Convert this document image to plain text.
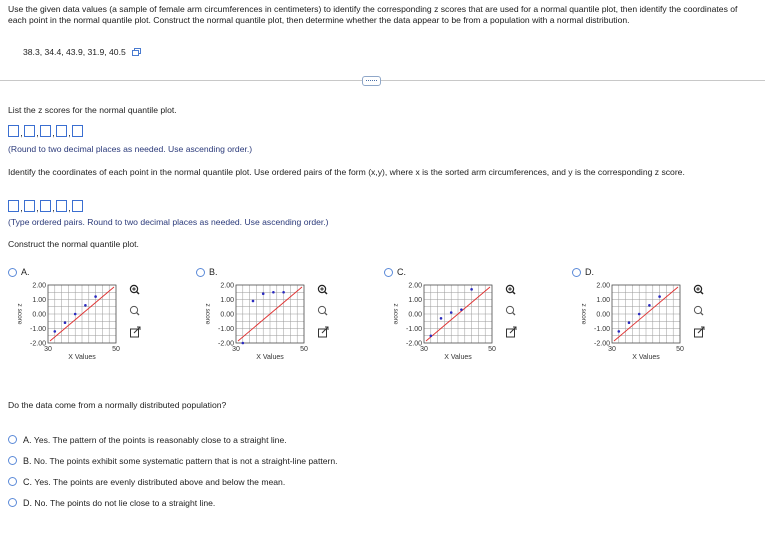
Use the given data values (a sample of female arm circumferences in centimeters) to identify the corresponding z scores that are used for a normal quantile plot, then identify the coordinates of each point in the normal quantile plot. Construct the normal quantile plot, then determine whether the data appear to be from a population with a normal distribution.
38.3, 34.4, 43.9, 31.9, 40.5
List the z scores for the normal quantile plot.
, , , ,
(Round to two decimal places as needed. Use ascending order.)
Identify the coordinates of each point in the normal quantile plot. Use ordered pairs of the form (x,y), where x is the sorted arm circumferences, and y is the corresponding z score.
, , , ,
(Type ordered pairs. Round to two decimal places as needed. Use ascending order.)
Construct the normal quantile plot.
A.
2.00
1.00
0.00
-1.00
-2.00
30	50
z score
X Values
B.
2.00
1.00
0.00
-1.00
-2.00
30	50
z score
X Values
C.
2.00
1.00
0.00
-1.00
-2.00
30	50
z score
X Values
D.
2.00
1.00
0.00
-1.00
-2.00
30	50
z score
X Values
Do the data come from a normally distributed population?
A.
Yes. The pattern of the points is reasonably close to a straight line.
B.
No. The points exhibit some systematic pattern that is not a straight-line pattern.
C.
Yes. The points are evenly distributed above and below the mean.
D.
No. The points do not lie close to a straight line.
